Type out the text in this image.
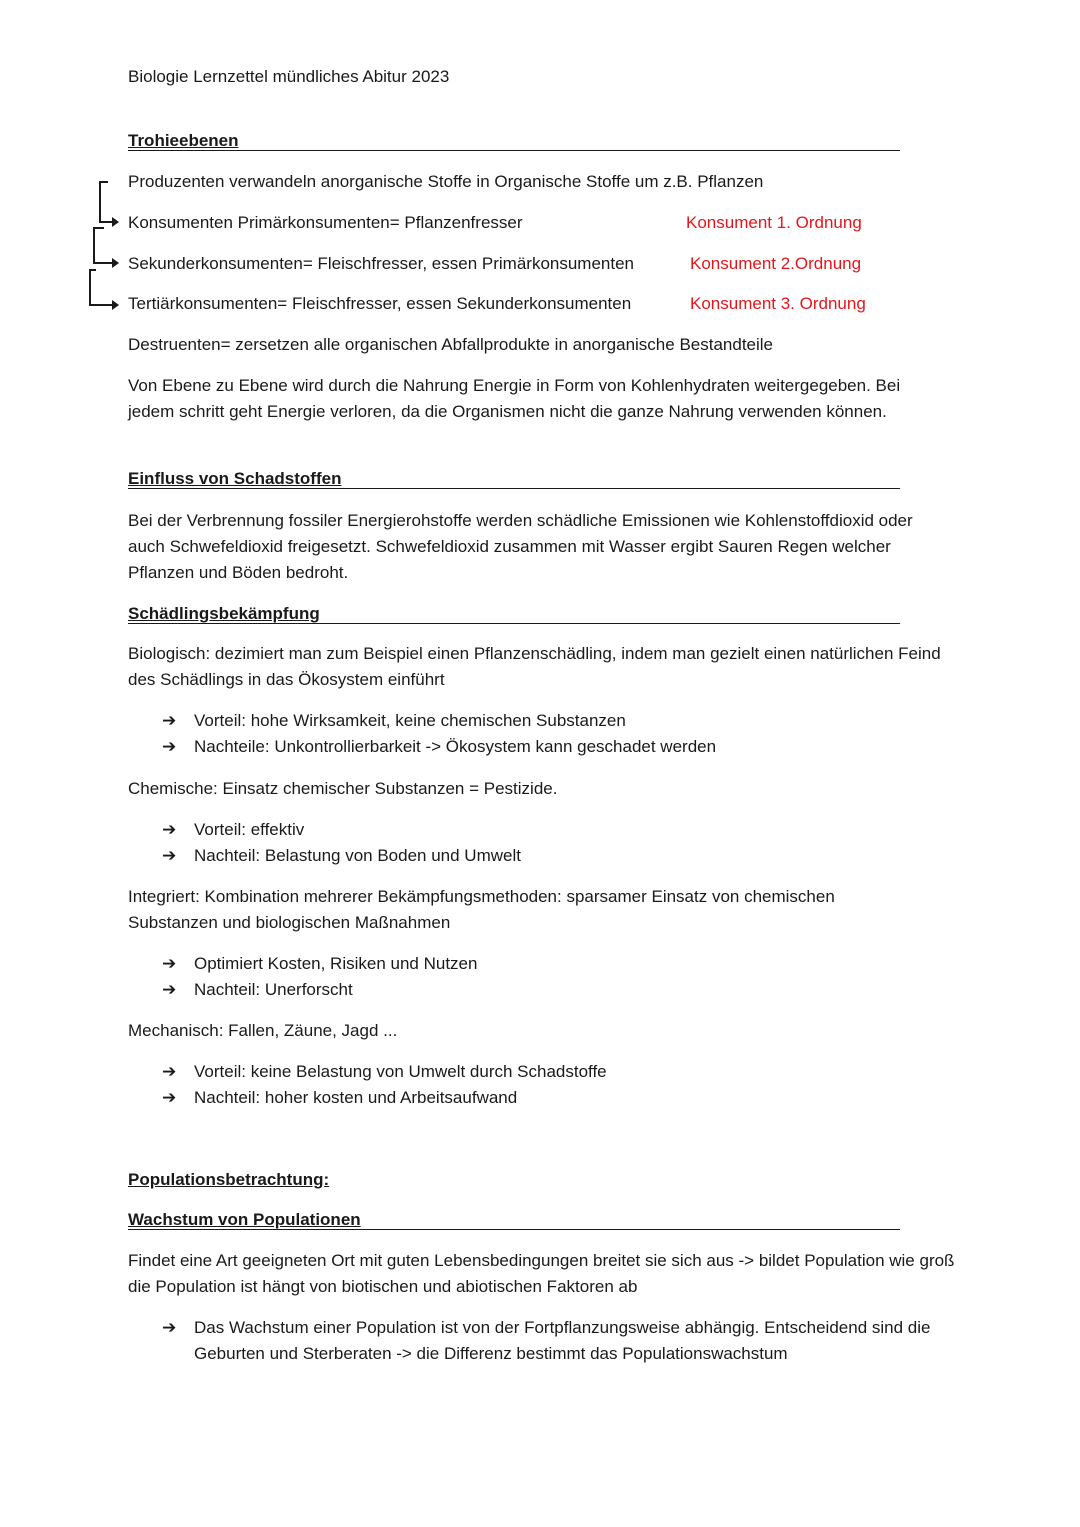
Biologie Lernzettel mündliches Abitur 2023
Trohieebenen
Produzenten verwandeln anorganische Stoffe in Organische Stoffe um z.B. Pflanzen
Konsumenten Primärkonsumenten= Pflanzenfresser	Konsument 1. Ordnung
Sekunderkonsumenten= Fleischfresser, essen Primärkonsumenten	Konsument 2.Ordnung
Tertiärkonsumenten= Fleischfresser, essen Sekunderkonsumenten	Konsument 3. Ordnung
Destruenten= zersetzen alle organischen Abfallprodukte in anorganische Bestandteile
Von Ebene zu Ebene wird durch die Nahrung Energie in Form von Kohlenhydraten weitergegeben. Bei jedem schritt geht Energie verloren, da die Organismen nicht die ganze Nahrung verwenden können.
Einfluss von Schadstoffen
Bei der Verbrennung fossiler Energierohstoffe werden schädliche Emissionen wie Kohlenstoffdioxid oder auch Schwefeldioxid freigesetzt. Schwefeldioxid zusammen mit Wasser ergibt Sauren Regen welcher Pflanzen und Böden bedroht.
Schädlingsbekämpfung
Biologisch: dezimiert man zum Beispiel einen Pflanzenschädling, indem man gezielt einen natürlichen Feind des Schädlings in das Ökosystem einführt
➔ Vorteil: hohe Wirksamkeit, keine chemischen Substanzen
➔ Nachteile: Unkontrollierbarkeit -> Ökosystem kann geschadet werden
Chemische: Einsatz chemischer Substanzen = Pestizide.
➔ Vorteil: effektiv
➔ Nachteil: Belastung von Boden und Umwelt
Integriert: Kombination mehrerer Bekämpfungsmethoden: sparsamer Einsatz von chemischen Substanzen und biologischen Maßnahmen
➔ Optimiert Kosten, Risiken und Nutzen
➔ Nachteil: Unerforscht
Mechanisch: Fallen, Zäune, Jagd ...
➔ Vorteil: keine Belastung von Umwelt durch Schadstoffe
➔ Nachteil: hoher kosten und Arbeitsaufwand
Populationsbetrachtung:
Wachstum von Populationen
Findet eine Art geeigneten Ort mit guten Lebensbedingungen breitet sie sich aus -> bildet Population wie groß die Population ist hängt von biotischen und abiotischen Faktoren ab
➔	Das Wachstum einer Population ist von der Fortpflanzungsweise abhängig. Entscheidend sind die Geburten und Sterberaten -> die Differenz bestimmt das Populationswachstum
